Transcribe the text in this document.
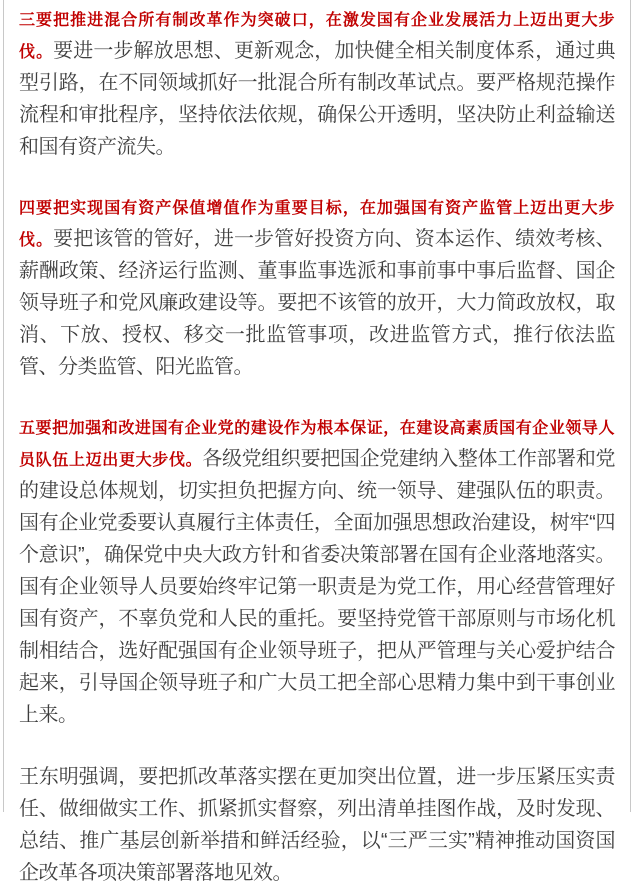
三要把推进混合所有制改革作为突破口，在激发国有企业发展活力上迈出更大步伐。要进一步解放思想、更新观念，加快健全相关制度体系，通过典型引路，在不同领域抓好一批混合所有制改革试点。要严格规范操作流程和审批程序，坚持依法依规，确保公开透明，坚决防止利益输送和国有资产流失。

四要把实现国有资产保值增值作为重要目标，在加强国有资产监管上迈出更大步伐。要把该管的管好，进一步管好投资方向、资本运作、绩效考核、薪酬政策、经济运行监测、董事监事选派和事前事中事后监督、国企领导班子和党风廉政建设等。要把不该管的放开，大力简政放权，取消、下放、授权、移交一批监管事项，改进监管方式，推行依法监管、分类监管、阳光监管。

五要把加强和改进国有企业党的建设作为根本保证，在建设高素质国有企业领导人员队伍上迈出更大步伐。各级党组织要把国企党建纳入整体工作部署和党的建设总体规划，切实担负把握方向、统一领导、建强队伍的职责。国有企业党委要认真履行主体责任，全面加强思想政治建设，树牢“四个意识”，确保党中央大政方针和省委决策部署在国有企业落地落实。国有企业领导人员要始终牢记第一职责是为党工作，用心经营管理好国有资产，不辜负党和人民的重托。要坚持党管干部原则与市场化机制相结合，选好配强国有企业领导班子，把从严管理与关心爱护结合起来，引导国企领导班子和广大员工把全部心思精力集中到干事创业上来。

王东明强调，要把抓改革落实摆在更加突出位置，进一步压紧压实责任、做细做实工作、抓紧抓实督察，列出清单挂图作战，及时发现、总结、推广基层创新举措和鲜活经验，以“三严三实”精神推动国资国企改革各项决策部署落地见效。
